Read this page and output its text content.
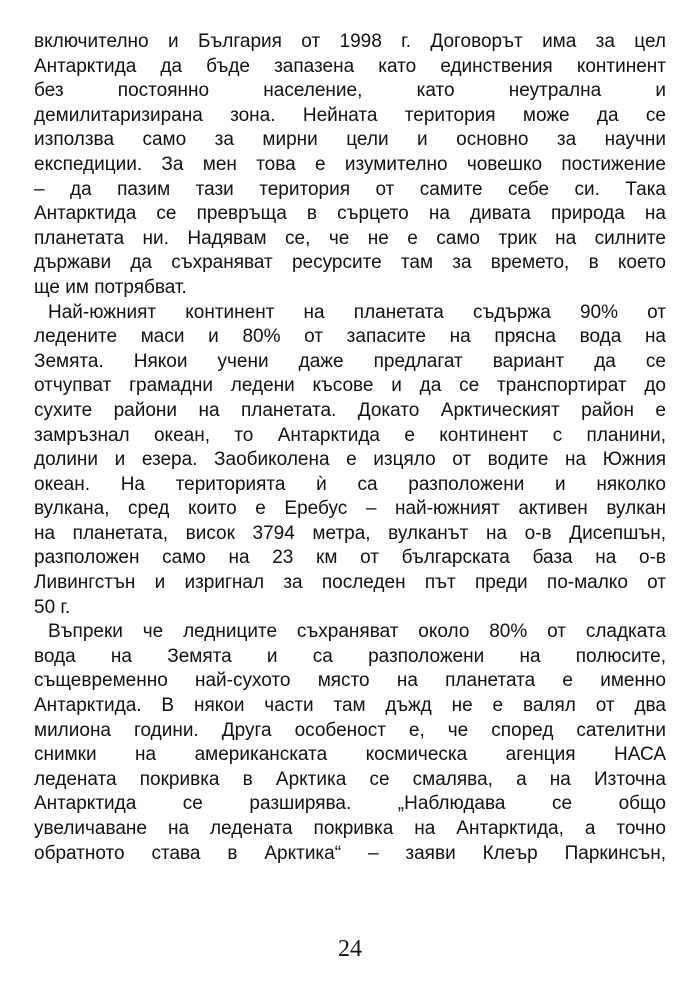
включително и България от 1998 г. Договорът има за цел
Антарктида да бъде запазена като единствения континент
без постоянно население, като неутрална и
демилитаризирана зона. Нейната територия може да се
използва само за мирни цели и основно за научни
експедиции. За мен това е изумително човешко постижение
– да пазим тази територия от самите себе си. Така
Антарктида се превръща в сърцето на дивата природа на
планетата ни. Надявам се, че не е само трик на силните
държави да съхраняват ресурсите там за времето, в което
ще им потрябват.
Най-южният континент на планетата съдържа 90% от
ледените маси и 80% от запасите на прясна вода на
Земята. Някои учени даже предлагат вариант да се
отчупват грамадни ледени късове и да се транспортират до
сухите райони на планетата. Докато Арктическият район е
замръзнал океан, то Антарктида е континент с планини,
долини и езера. Заобиколена е изцяло от водите на Южния
океан. На територията ѝ са разположени и няколко
вулкана, сред които е Еребус – най-южният активен вулкан
на планетата, висок 3794 метра, вулканът на о-в Дисепшън,
разположен само на 23 км от българската база на о-в
Ливингстън и изригнал за последен път преди по-малко от
50 г.
Въпреки че ледниците съхраняват около 80% от сладката
вода на Земята и са разположени на полюсите,
същевременно най-сухото място на планетата е именно
Антарктида. В някои части там дъжд не е валял от два
милиона години. Друга особеност е, че според сателитни
снимки на американската космическа агенция НАСА
ледената покривка в Арктика се смалява, а на Източна
Антарктида се разширява. „Наблюдава се общо
увеличаване на ледената покривка на Антарктида, а точно
обратното става в Арктика“ – заяви Клеър Паркинсън,
24
